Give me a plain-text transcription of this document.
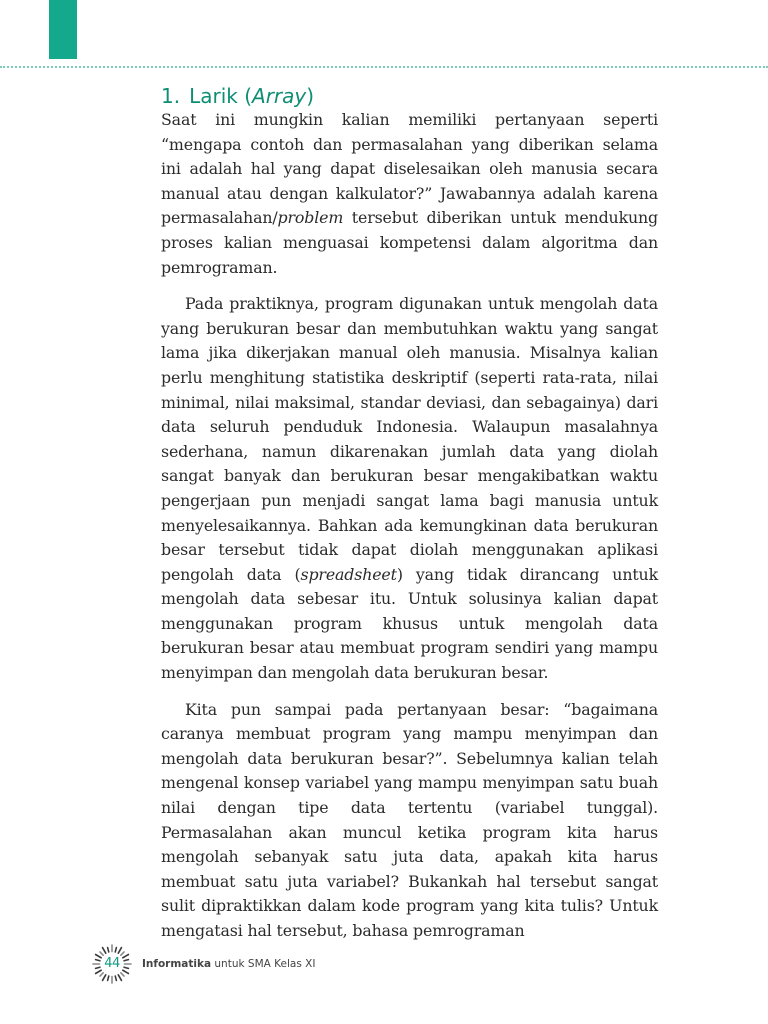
1. Larik (Array)

Saat ini mungkin kalian memiliki pertanyaan seperti “mengapa contoh dan permasalahan yang diberikan selama ini adalah hal yang dapat diselesaikan oleh manusia secara manual atau dengan kalkulator?” Jawabannya adalah karena permasalahan/problem tersebut diberikan untuk mendukung proses kalian menguasai kompetensi dalam algoritma dan pemrograman.

Pada praktiknya, program digunakan untuk mengolah data yang berukuran besar dan membutuhkan waktu yang sangat lama jika dikerjakan manual oleh manusia. Misalnya kalian perlu menghitung statistika deskriptif (seperti rata-rata, nilai minimal, nilai maksimal, standar deviasi, dan sebagainya) dari data seluruh penduduk Indonesia. Walaupun masalahnya sederhana, namun dikarenakan jumlah data yang diolah sangat banyak dan berukuran besar mengakibatkan waktu pengerjaan pun menjadi sangat lama bagi manusia untuk menyelesaikannya. Bahkan ada kemungkinan data berukuran besar tersebut tidak dapat diolah menggunakan aplikasi pengolah data (spreadsheet) yang tidak dirancang untuk mengolah data sebesar itu. Untuk solusinya kalian dapat menggunakan program khusus untuk mengolah data berukuran besar atau membuat program sendiri yang mampu menyimpan dan mengolah data berukuran besar.

Kita pun sampai pada pertanyaan besar: “bagaimana caranya membuat program yang mampu menyimpan dan mengolah data berukuran besar?”. Sebelumnya kalian telah mengenal konsep variabel yang mampu menyimpan satu buah nilai dengan tipe data tertentu (variabel tunggal). Permasalahan akan muncul ketika program kita harus mengolah sebanyak satu juta data, apakah kita harus membuat satu juta variabel? Bukankah hal tersebut sangat sulit dipraktikkan dalam kode program yang kita tulis? Untuk mengatasi hal tersebut, bahasa pemrograman

44	Informatika untuk SMA Kelas XI
